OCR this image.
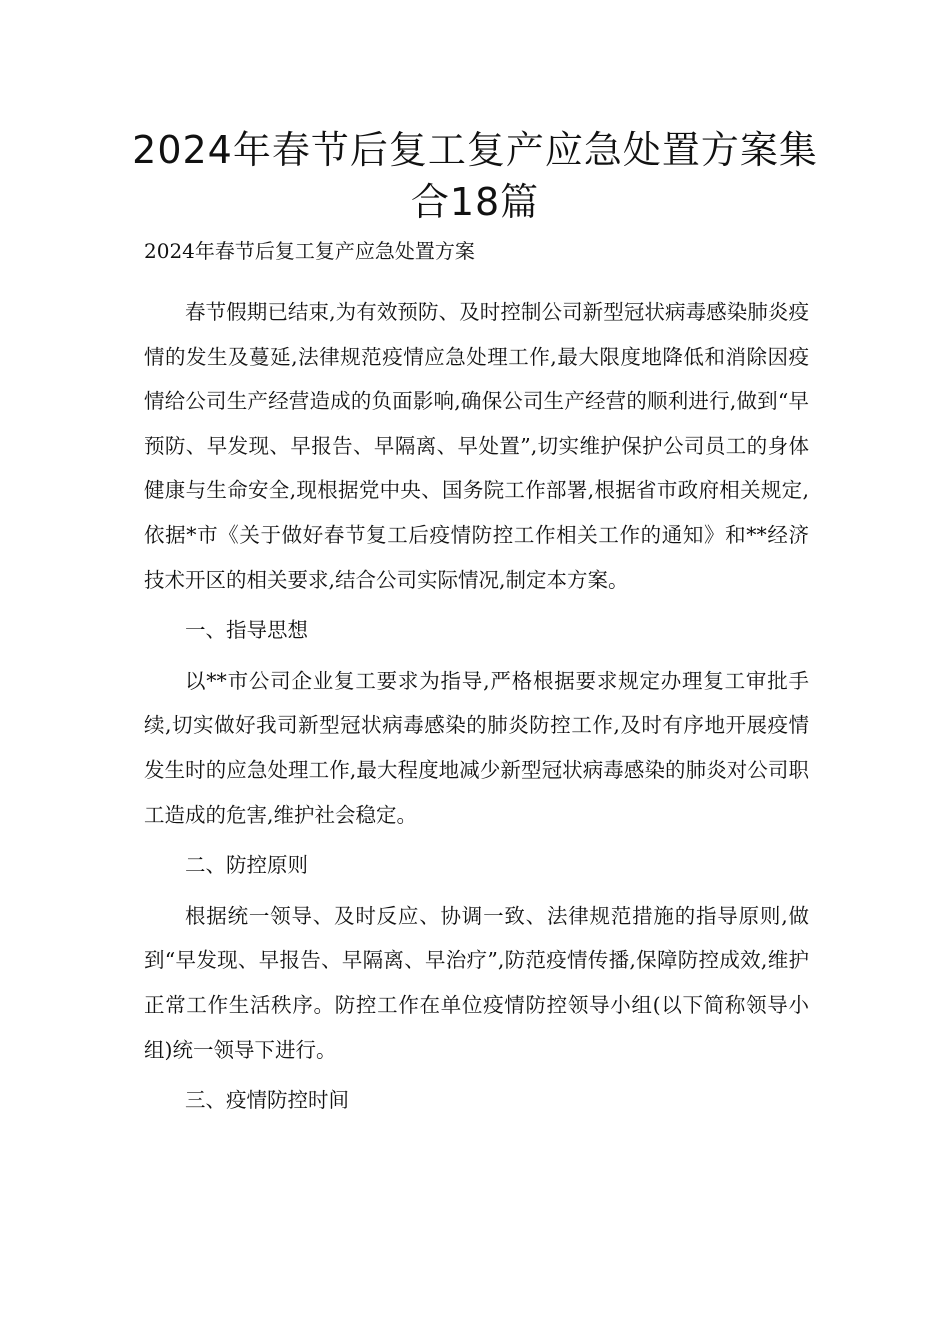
2024年春节后复工复产应急处置方案集合18篇

2024年春节后复工复产应急处置方案

春节假期已结束,为有效预防、及时控制公司新型冠状病毒感染肺炎疫情的发生及蔓延,法律规范疫情应急处理工作,最大限度地降低和消除因疫情给公司生产经营造成的负面影响,确保公司生产经营的顺利进行,做到“早预防、早发现、早报告、早隔离、早处置”,切实维护保护公司员工的身体健康与生命安全,现根据党中央、国务院工作部署,根据省市政府相关规定,依据*市《关于做好春节复工后疫情防控工作相关工作的通知》和**经济技术开区的相关要求,结合公司实际情况,制定本方案。

一、指导思想

以**市公司企业复工要求为指导,严格根据要求规定办理复工审批手续,切实做好我司新型冠状病毒感染的肺炎防控工作,及时有序地开展疫情发生时的应急处理工作,最大程度地减少新型冠状病毒感染的肺炎对公司职工造成的危害,维护社会稳定。

二、防控原则

根据统一领导、及时反应、协调一致、法律规范措施的指导原则,做到“早发现、早报告、早隔离、早治疗”,防范疫情传播,保障防控成效,维护正常工作生活秩序。防控工作在单位疫情防控领导小组(以下简称领导小组)统一领导下进行。

三、疫情防控时间
